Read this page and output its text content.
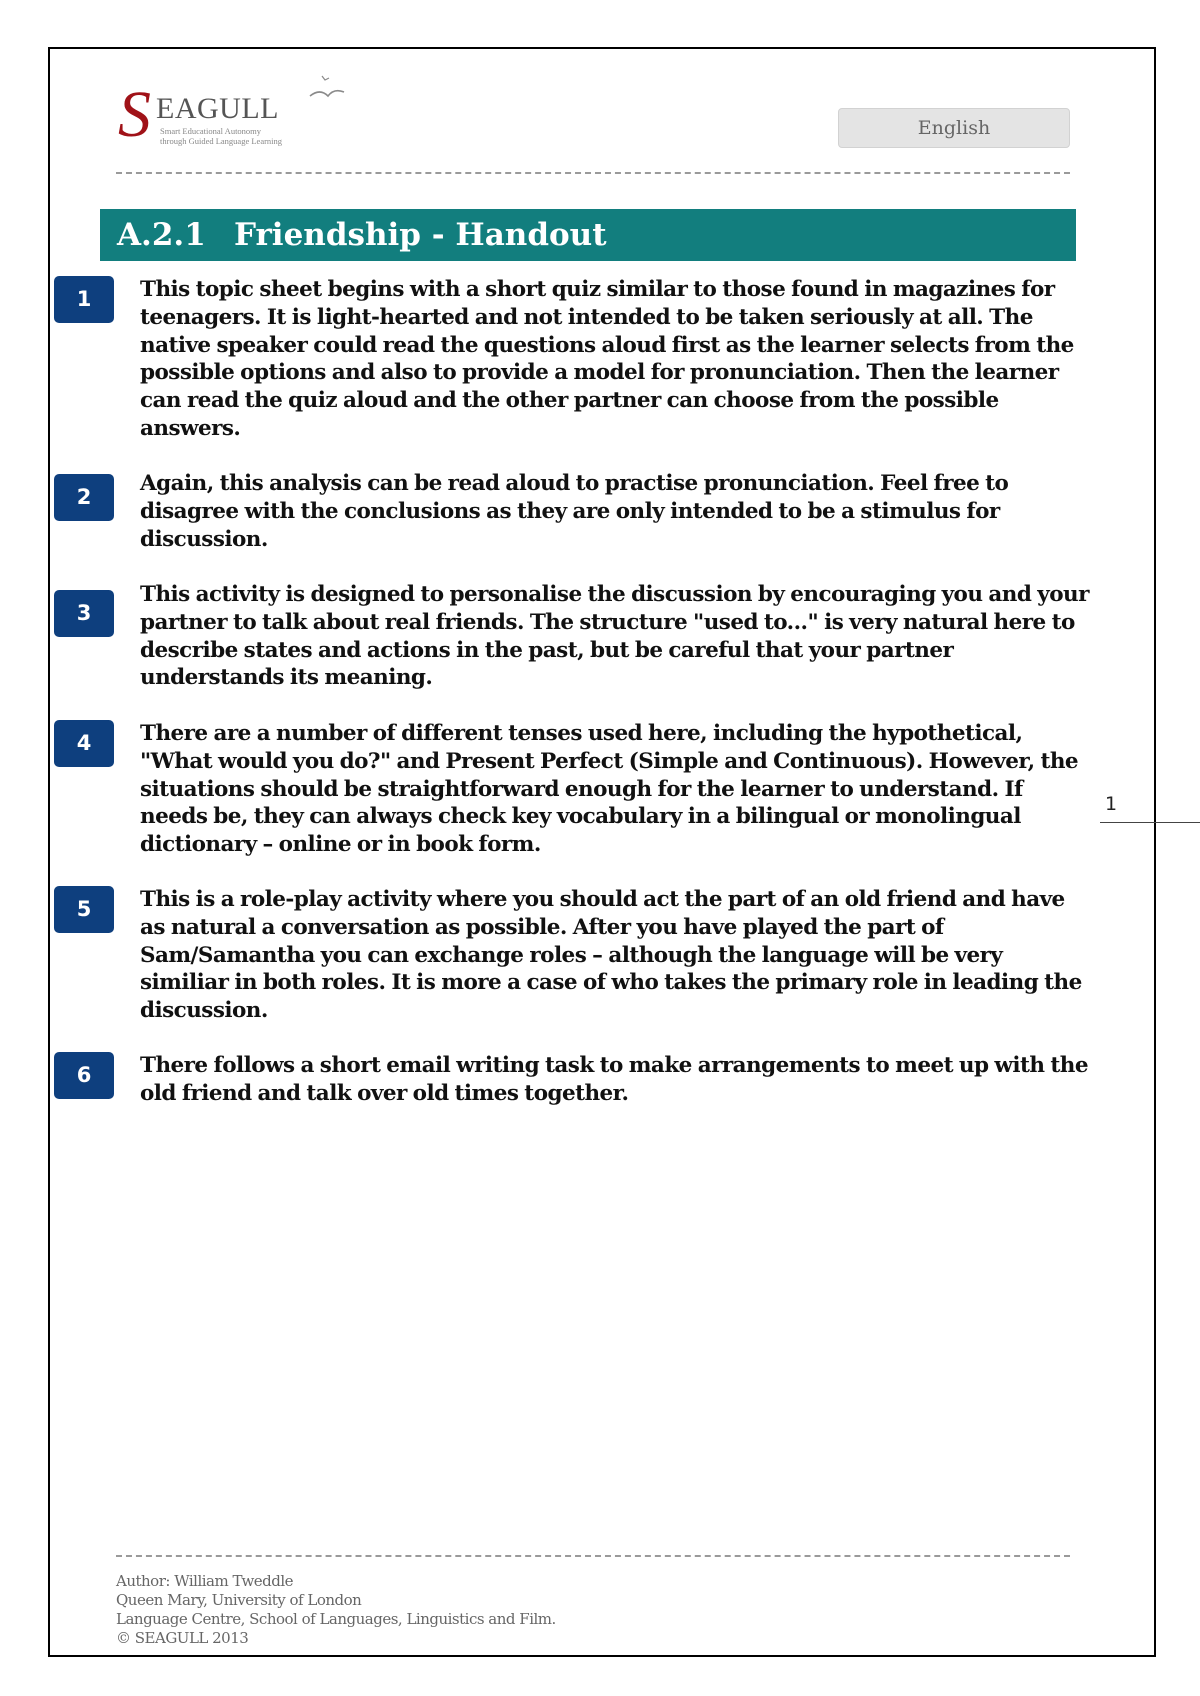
S EAGULL
Smart Educational Autonomy
through Guided Language Learning
English
A.2.1 Friendship - Handout
1	This topic sheet begins with a short quiz similar to those found in magazines for teenagers. It is light-hearted and not intended to be taken seriously at all. The native speaker could read the questions aloud first as the learner selects from the possible options and also to provide a model for pronunciation. Then the learner can read the quiz aloud and the other partner can choose from the possible answers.

2

Again, this analysis can be read aloud to practise pronunciation. Feel free to disagree with the conclusions as they are only intended to be a stimulus for discussion.

3

This activity is designed to personalise the discussion by encouraging you and your partner to talk about real friends. The structure "used to..." is very natural here to describe states and actions in the past, but be careful that your partner understands its meaning.

4	There are a number of different tenses used here, including the hypothetical, "What would you do?" and Present Perfect (Simple and Continuous). However, the situations should be straightforward enough for the learner to understand. If needs be, they can always check key vocabulary in a bilingual or monolingual dictionary – online or in book form.

5	This is a role-play activity where you should act the part of an old friend and have as natural a conversation as possible. After you have played the part of Sam/Samantha you can exchange roles – although the language will be very similiar in both roles. It is more a case of who takes the primary role in leading the discussion.

6	There follows a short email writing task to make arrangements to meet up with the old friend and talk over old times together.

1
Author: William Tweddle
Queen Mary, University of London
Language Centre, School of Languages, Linguistics and Film.
© SEAGULL 2013
